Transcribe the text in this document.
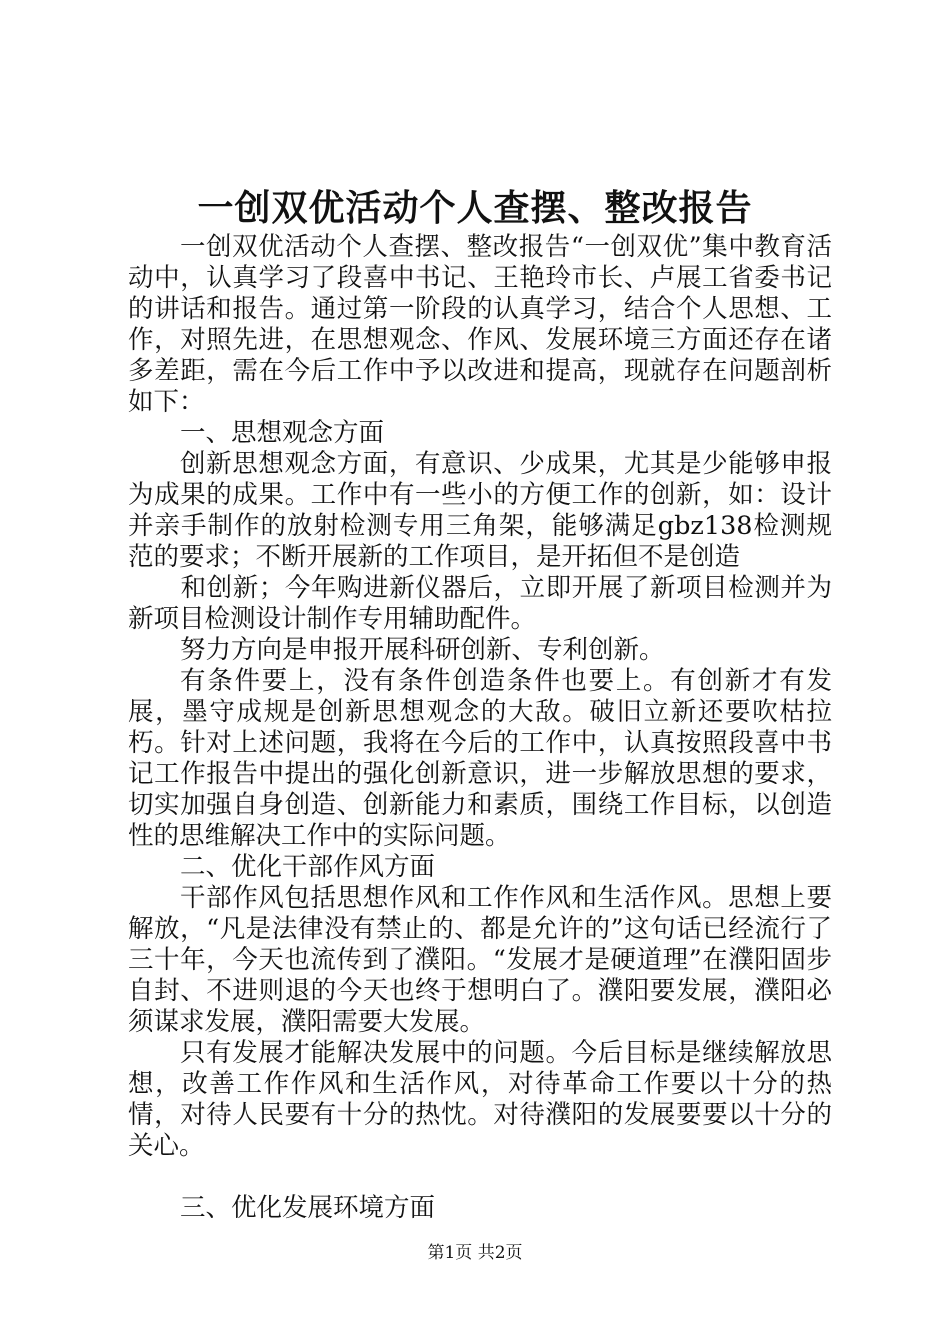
一创双优活动个人查摆、整改报告

一创双优活动个人查摆、整改报告“一创双优”集中教育活动中，认真学习了段喜中书记、王艳玲市长、卢展工省委书记的讲话和报告。通过第一阶段的认真学习，结合个人思想、工作，对照先进，在思想观念、作风、发展环境三方面还存在诸多差距，需在今后工作中予以改进和提高，现就存在问题剖析如下：

一、思想观念方面

创新思想观念方面，有意识、少成果，尤其是少能够申报为成果的成果。工作中有一些小的方便工作的创新，如：设计并亲手制作的放射检测专用三角架，能够满足gbz138检测规范的要求；不断开展新的工作项目，是开拓但不是创造

和创新；今年购进新仪器后，立即开展了新项目检测并为新项目检测设计制作专用辅助配件。

努力方向是申报开展科研创新、专利创新。

有条件要上，没有条件创造条件也要上。有创新才有发展，墨守成规是创新思想观念的大敌。破旧立新还要吹枯拉朽。针对上述问题，我将在今后的工作中，认真按照段喜中书记工作报告中提出的强化创新意识，进一步解放思想的要求，切实加强自身创造、创新能力和素质，围绕工作目标，以创造性的思维解决工作中的实际问题。

二、优化干部作风方面

干部作风包括思想作风和工作作风和生活作风。思想上要解放，“凡是法律没有禁止的、都是允许的”这句话已经流行了三十年，今天也流传到了濮阳。“发展才是硬道理”在濮阳固步自封、不进则退的今天也终于想明白了。濮阳要发展，濮阳必须谋求发展，濮阳需要大发展。

只有发展才能解决发展中的问题。今后目标是继续解放思想，改善工作作风和生活作风，对待革命工作要以十分的热情，对待人民要有十分的热忱。对待濮阳的发展要要以十分的关心。

三、优化发展环境方面

第1页 共2页
